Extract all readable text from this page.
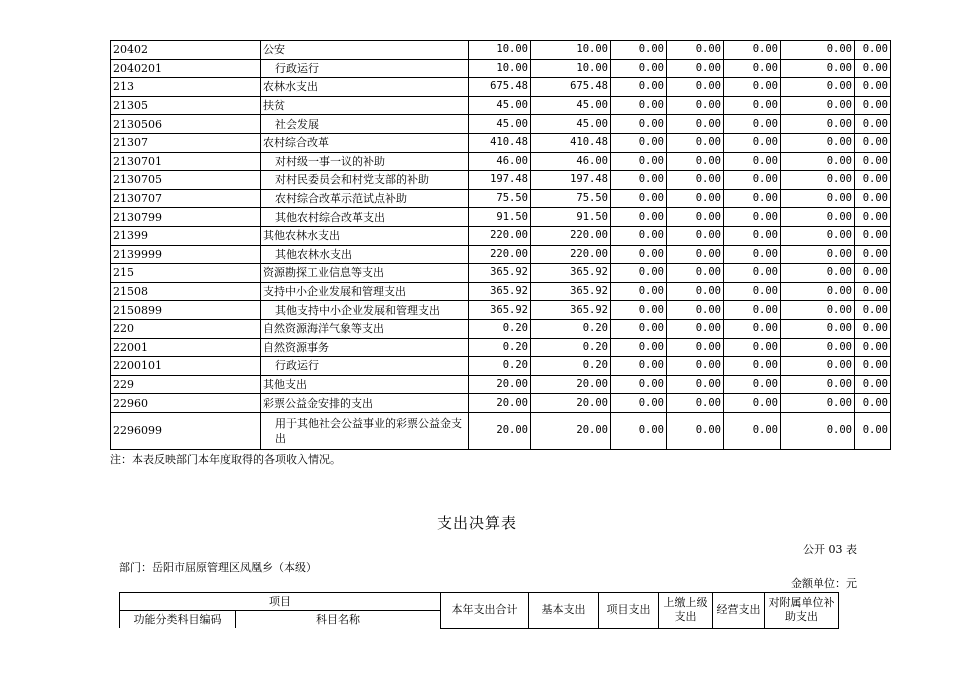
20402	公安	10.00	10.00	0.00	0.00	0.00	0.00	0.00
2040201	行政运行	10.00	10.00	0.00	0.00	0.00	0.00	0.00
213	农林水支出	675.48	675.48	0.00	0.00	0.00	0.00	0.00
21305	扶贫	45.00	45.00	0.00	0.00	0.00	0.00	0.00
2130506	社会发展	45.00	45.00	0.00	0.00	0.00	0.00	0.00
21307	农村综合改革	410.48	410.48	0.00	0.00	0.00	0.00	0.00
2130701	对村级一事一议的补助	46.00	46.00	0.00	0.00	0.00	0.00	0.00
2130705	对村民委员会和村党支部的补助	197.48	197.48	0.00	0.00	0.00	0.00	0.00
2130707	农村综合改革示范试点补助	75.50	75.50	0.00	0.00	0.00	0.00	0.00
2130799	其他农村综合改革支出	91.50	91.50	0.00	0.00	0.00	0.00	0.00
21399	其他农林水支出	220.00	220.00	0.00	0.00	0.00	0.00	0.00
2139999	其他农林水支出	220.00	220.00	0.00	0.00	0.00	0.00	0.00
215	资源勘探工业信息等支出	365.92	365.92	0.00	0.00	0.00	0.00	0.00
21508	支持中小企业发展和管理支出	365.92	365.92	0.00	0.00	0.00	0.00	0.00
2150899	其他支持中小企业发展和管理支出	365.92	365.92	0.00	0.00	0.00	0.00	0.00
220	自然资源海洋气象等支出	0.20	0.20	0.00	0.00	0.00	0.00	0.00
22001	自然资源事务	0.20	0.20	0.00	0.00	0.00	0.00	0.00
2200101	行政运行	0.20	0.20	0.00	0.00	0.00	0.00	0.00
229	其他支出	20.00	20.00	0.00	0.00	0.00	0.00	0.00
22960	彩票公益金安排的支出	20.00	20.00	0.00	0.00	0.00	0.00	0.00
2296099	用于其他社会公益事业的彩票公益金支出	20.00	20.00	0.00	0.00	0.00	0.00	0.00
注：本表反映部门本年度取得的各项收入情况。
支出决算表
公开 03 表
部门：岳阳市屈原管理区凤凰乡（本级）
金额单位：元
项目		本年支出合计	基本支出	项目支出	上缴上级支出	经营支出	对附属单位补助支出
功能分类科目编码	科目名称						
